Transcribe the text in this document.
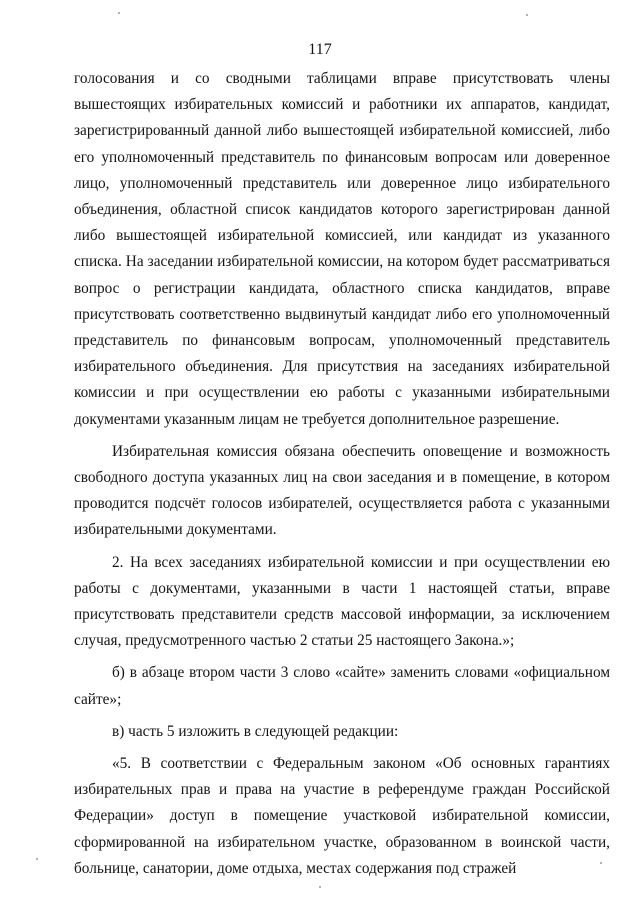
117

голосования и со сводными таблицами вправе присутствовать члены вышестоящих избирательных комиссий и работники их аппаратов, кандидат, зарегистрированный данной либо вышестоящей избирательной комиссией, либо его уполномоченный представитель по финансовым вопросам или доверенное лицо, уполномоченный представитель или доверенное лицо избирательного объединения, областной список кандидатов которого зарегистрирован данной либо вышестоящей избирательной комиссией, или кандидат из указанного списка. На заседании избирательной комиссии, на котором будет рассматриваться вопрос о регистрации кандидата, областного списка кандидатов, вправе присутствовать соответственно выдвинутый кандидат либо его уполномоченный представитель по финансовым вопросам, уполномоченный представитель избирательного объединения. Для присутствия на заседаниях избирательной комиссии и при осуществлении ею работы с указанными избирательными документами указанным лицам не требуется дополнительное разрешение.

Избирательная комиссия обязана обеспечить оповещение и возможность свободного доступа указанных лиц на свои заседания и в помещение, в котором проводится подсчёт голосов избирателей, осуществляется работа с указанными избирательными документами.

2. На всех заседаниях избирательной комиссии и при осуществлении ею работы с документами, указанными в части 1 настоящей статьи, вправе присутствовать представители средств массовой информации, за исключением случая, предусмотренного частью 2 статьи 25 настоящего Закона.»;

б) в абзаце втором части 3 слово «сайте» заменить словами «официальном сайте»;

в) часть 5 изложить в следующей редакции:

«5. В соответствии с Федеральным законом «Об основных гарантиях избирательных прав и права на участие в референдуме граждан Российской Федерации» доступ в помещение участковой избирательной комиссии, сформированной на избирательном участке, образованном в воинской части, больнице, санатории, доме отдыха, местах содержания под стражей
